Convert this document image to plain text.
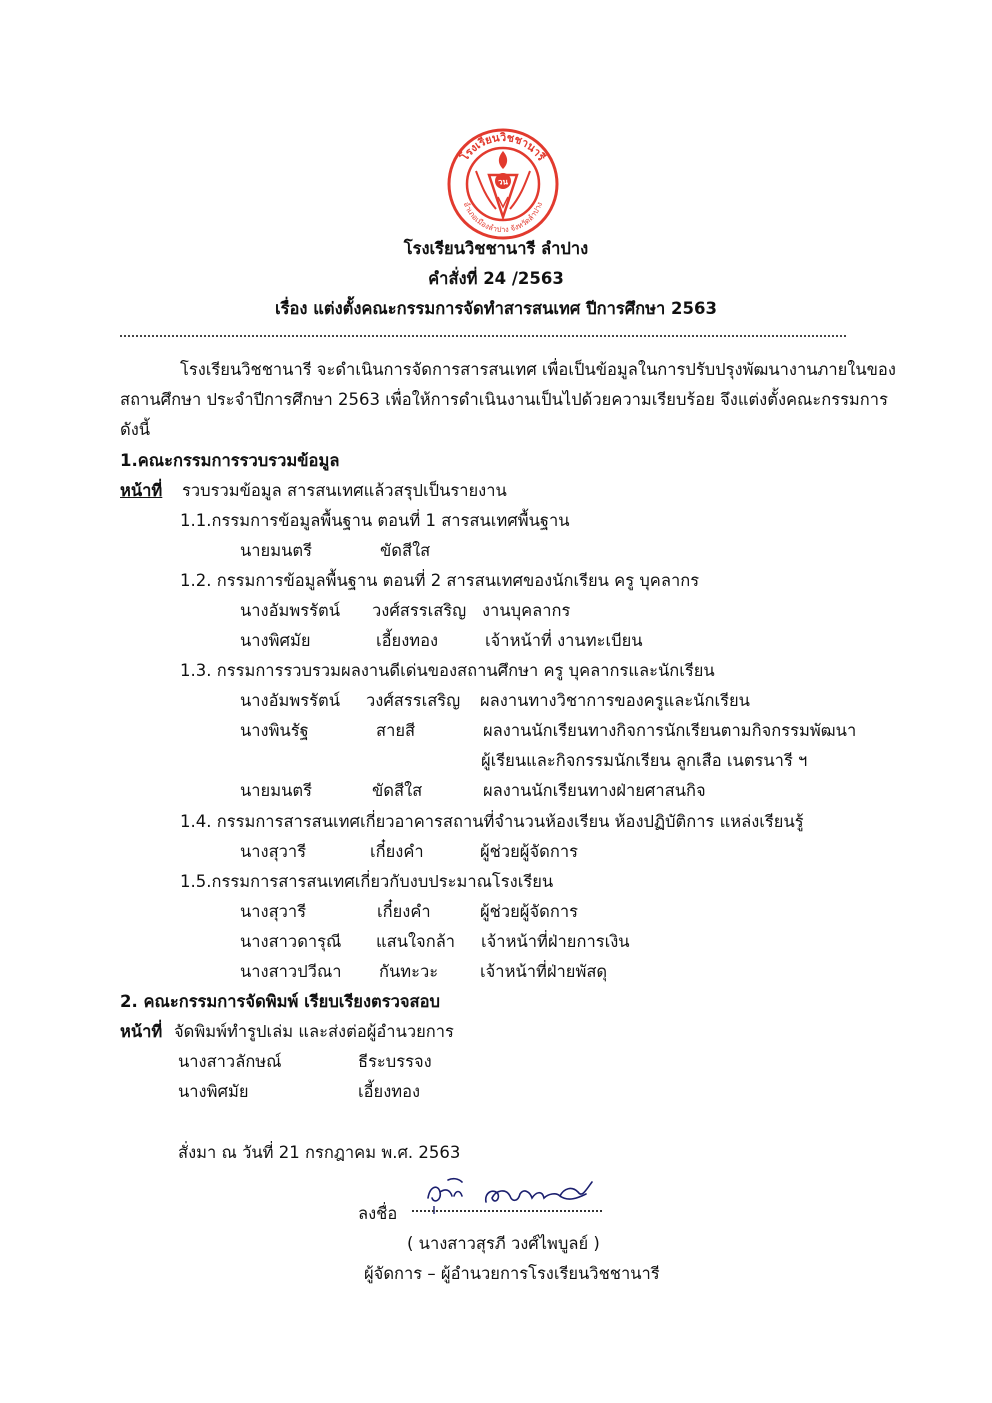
โรงเรียนวิชชานารี
อำเภอเมืองลำปาง จังหวัดลำปาง
วน
โรงเรียนวิชชานารี ลำปาง
คำสั่งที่ 24 /2563
เรื่อง แต่งตั้งคณะกรรมการจัดทำสารสนเทศ ปีการศึกษา 2563
โรงเรียนวิชชานารี จะดำเนินการจัดการสารสนเทศ เพื่อเป็นข้อมูลในการปรับปรุงพัฒนางานภายในของ
สถานศึกษา ประจำปีการศึกษา 2563 เพื่อให้การดำเนินงานเป็นไปด้วยความเรียบร้อย จึงแต่งตั้งคณะกรรมการ
ดังนี้
1.คณะกรรมการรวบรวมข้อมูล
หน้าที่ รวบรวมข้อมูล สารสนเทศแล้วสรุปเป็นรายงาน
1.1.กรรมการข้อมูลพื้นฐาน ตอนที่ 1 สารสนเทศพื้นฐาน
นายมนตรี	ขัดสีใส
1.2. กรรมการข้อมูลพื้นฐาน ตอนที่ 2 สารสนเทศของนักเรียน ครู บุคลากร
นางอัมพรรัตน์ วงศ์สรรเสริญ งานบุคลากร
นางพิศมัย	เอี้ยงทอง	เจ้าหน้าที่ งานทะเบียน
1.3. กรรมการรวบรวมผลงานดีเด่นของสถานศึกษา ครู บุคลากรและนักเรียน
นางอัมพรรัตน์ วงศ์สรรเสริญ ผลงานทางวิชาการของครูและนักเรียน
นางพินรัฐ	สายสี	ผลงานนักเรียนทางกิจการนักเรียนตามกิจกรรมพัฒนา
ผู้เรียนและกิจกรรมนักเรียน ลูกเสือ เนตรนารี ฯ
นายมนตรี	ขัดสีใส	ผลงานนักเรียนทางฝ่ายศาสนกิจ
1.4. กรรมการสารสนเทศเกี่ยวอาคารสถานที่จำนวนห้องเรียน ห้องปฏิบัติการ แหล่งเรียนรู้
นางสุวารี	เกี๋ยงคำ	ผู้ช่วยผู้จัดการ
1.5.กรรมการสารสนเทศเกี่ยวกับงบประมาณโรงเรียน
นางสุวารี	เกี๋ยงคำ	ผู้ช่วยผู้จัดการ
นางสาวดารุณี แสนใจกล้า เจ้าหน้าที่ฝ่ายการเงิน
นางสาวปวีณา กันทะวะ	เจ้าหน้าที่ฝ่ายพัสดุ
2. คณะกรรมการจัดพิมพ์ เรียบเรียงตรวจสอบ
หน้าที่ จัดพิมพ์ทำรูปเล่ม และส่งต่อผู้อำนวยการ
นางสาวลักษณ์	ธีระบรรจง
นางพิศมัย	เอี้ยงทอง
สั่งมา ณ วันที่ 21 กรกฎาคม พ.ศ. 2563
ลงชื่อ
( นางสาวสุรภี วงศ์ไพบูลย์ )
ผู้จัดการ – ผู้อำนวยการโรงเรียนวิชชานารี
